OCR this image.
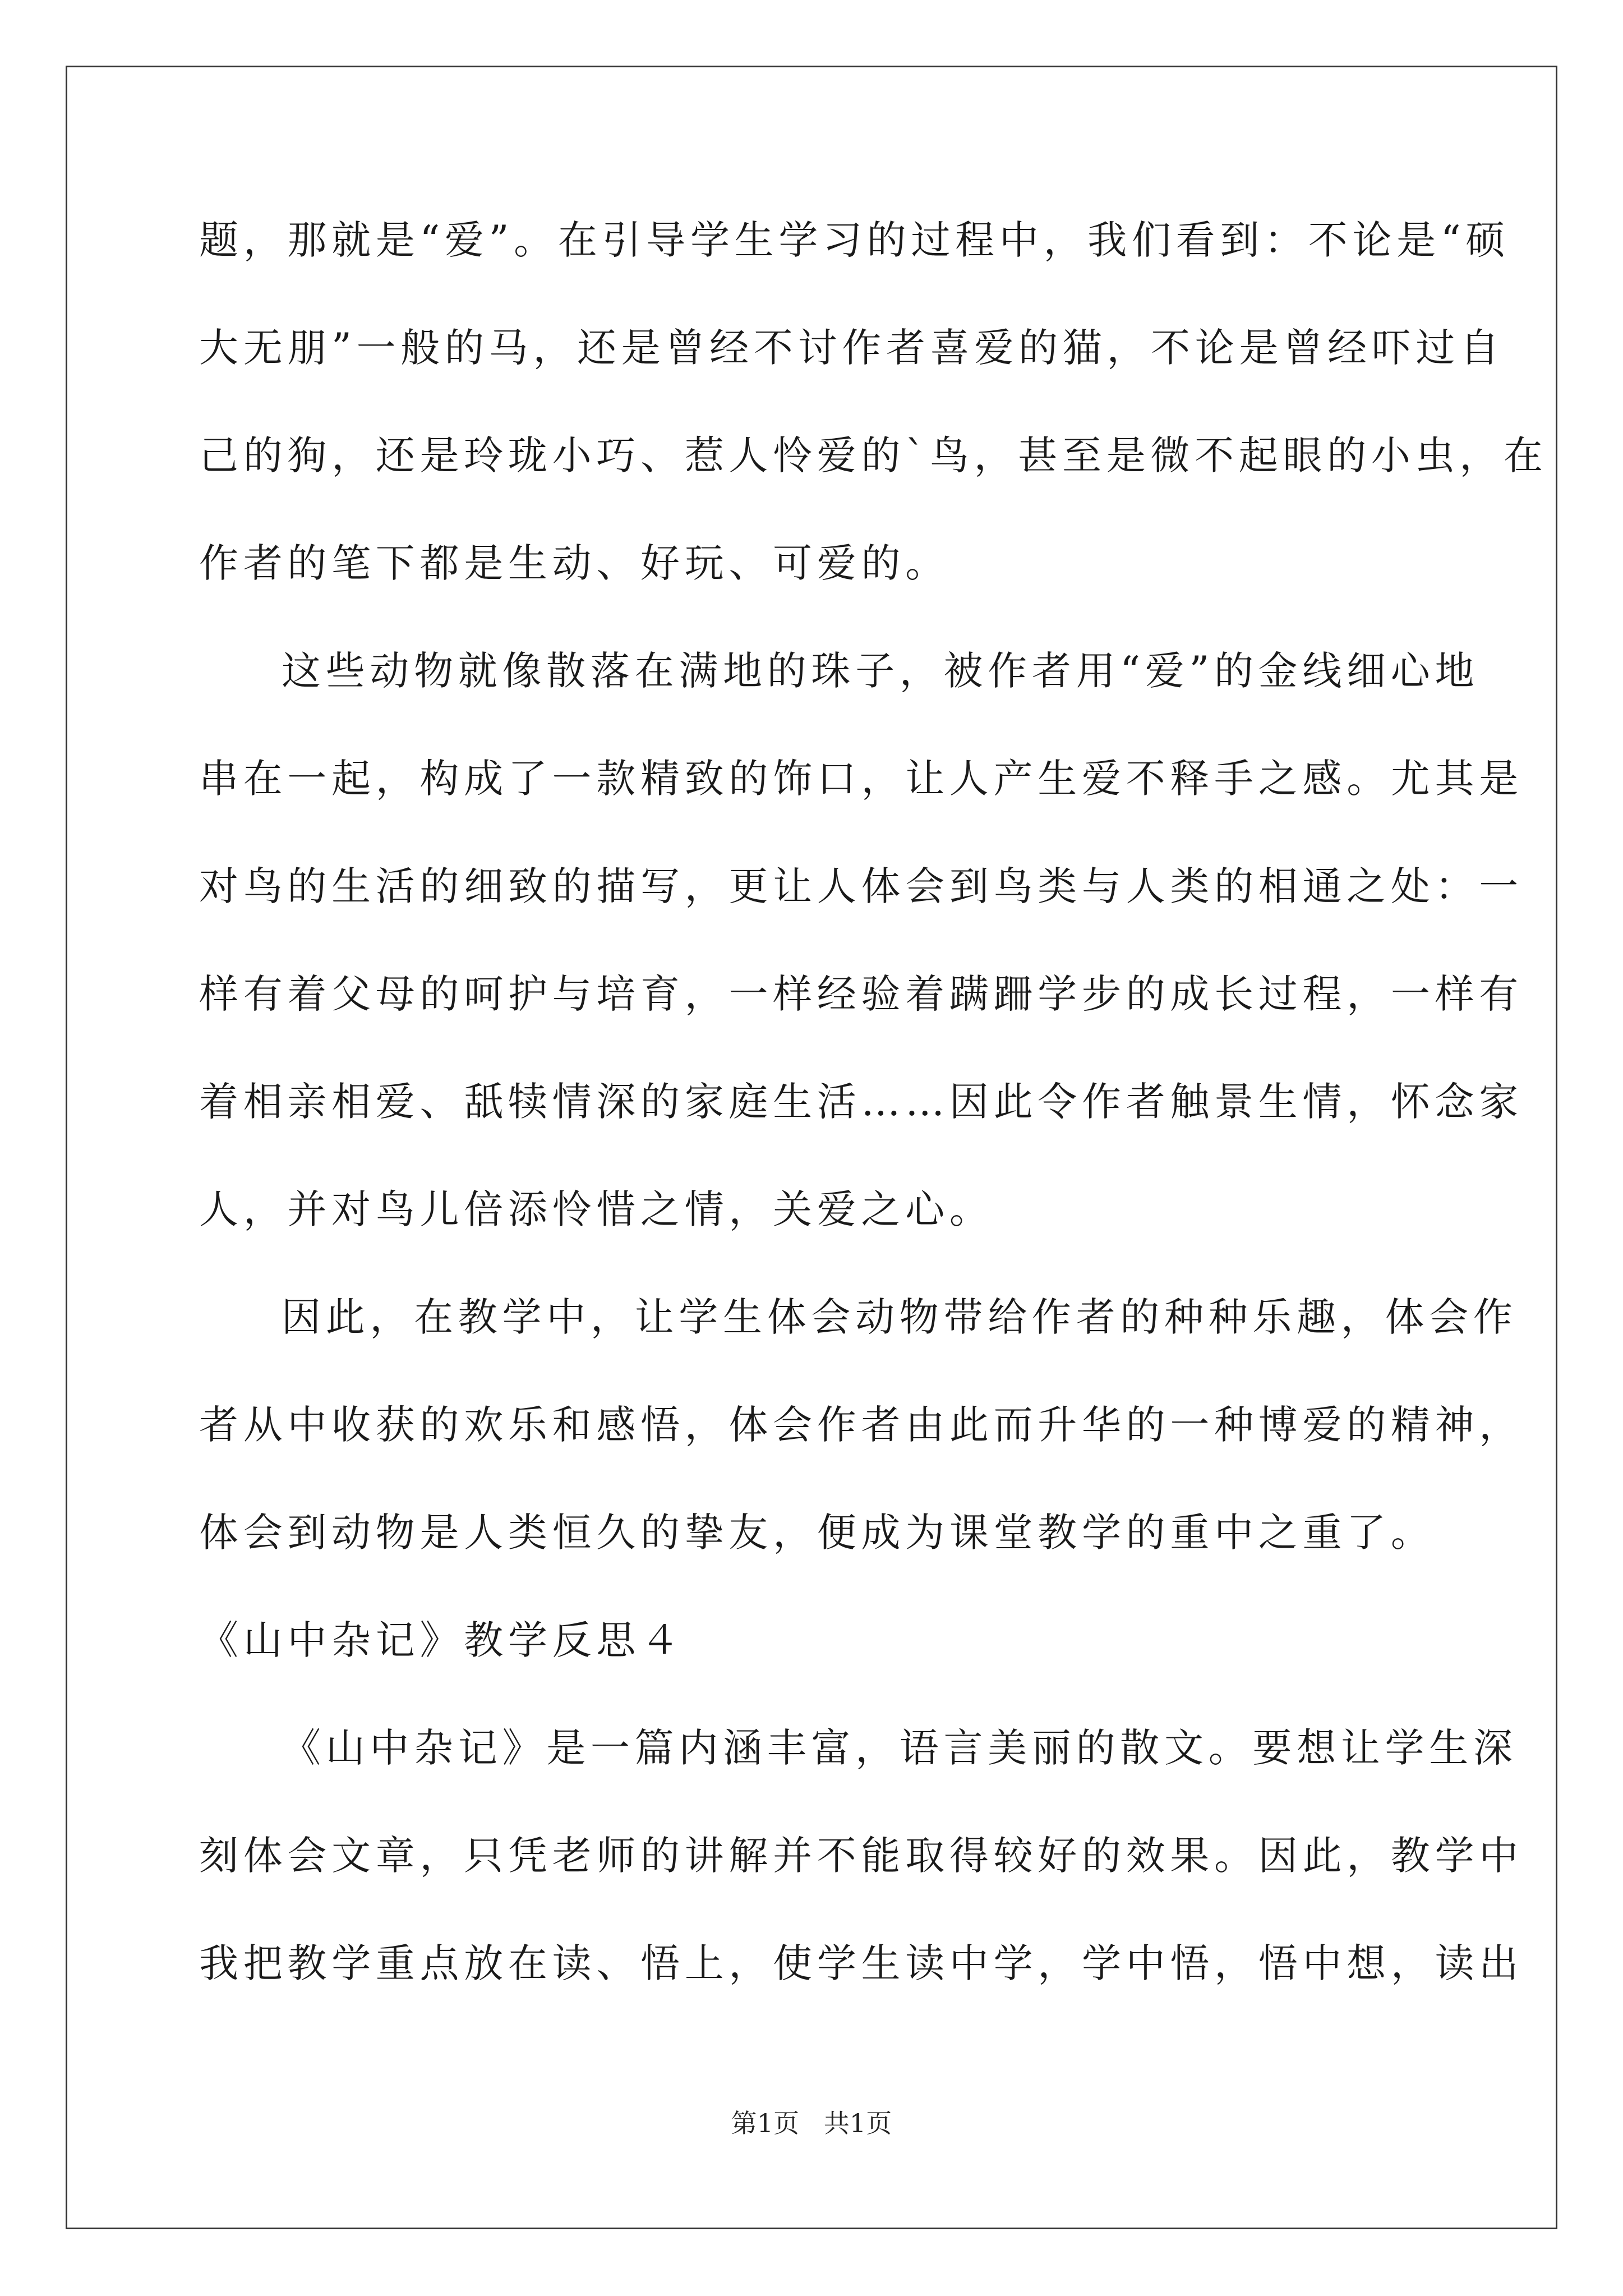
题，那就是“爱”。在引导学生学习的过程中，我们看到：不论是“硕
大无朋”一般的马，还是曾经不讨作者喜爱的猫，不论是曾经吓过自
己的狗，还是玲珑小巧、惹人怜爱的`鸟，甚至是微不起眼的小虫，在
作者的笔下都是生动、好玩、可爱的。
这些动物就像散落在满地的珠子，被作者用“爱”的金线细心地
串在一起，构成了一款精致的饰口，让人产生爱不释手之感。尤其是
对鸟的生活的细致的描写，更让人体会到鸟类与人类的相通之处：一
样有着父母的呵护与培育，一样经验着蹒跚学步的成长过程，一样有
着相亲相爱、舐犊情深的家庭生活……因此令作者触景生情，怀念家
人，并对鸟儿倍添怜惜之情，关爱之心。
因此，在教学中，让学生体会动物带给作者的种种乐趣，体会作
者从中收获的欢乐和感悟，体会作者由此而升华的一种博爱的精神，
体会到动物是人类恒久的挚友，便成为课堂教学的重中之重了。
《山中杂记》教学反思４
《山中杂记》是一篇内涵丰富，语言美丽的散文。要想让学生深
刻体会文章，只凭老师的讲解并不能取得较好的效果。因此，教学中
我把教学重点放在读、悟上，使学生读中学，学中悟，悟中想，读出
第1页   共1页
